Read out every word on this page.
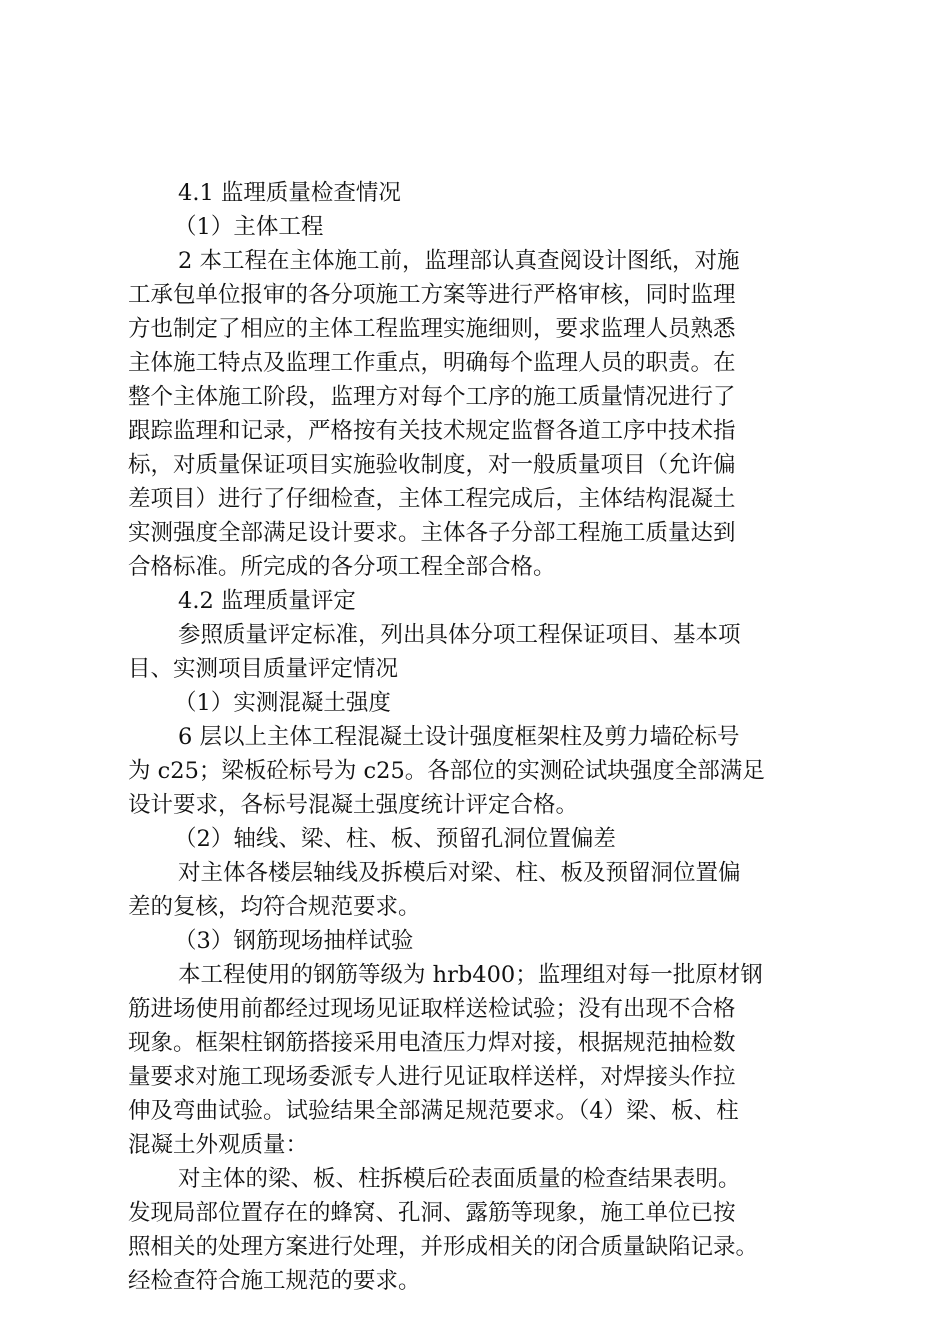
4.1 监理质量检查情况
（1）主体工程
2 本工程在主体施工前，监理部认真查阅设计图纸，对施
工承包单位报审的各分项施工方案等进行严格审核，同时监理
方也制定了相应的主体工程监理实施细则，要求监理人员熟悉
主体施工特点及监理工作重点，明确每个监理人员的职责。在
整个主体施工阶段，监理方对每个工序的施工质量情况进行了
跟踪监理和记录，严格按有关技术规定监督各道工序中技术指
标，对质量保证项目实施验收制度，对一般质量项目（允许偏
差项目）进行了仔细检查，主体工程完成后，主体结构混凝土
实测强度全部满足设计要求。主体各子分部工程施工质量达到
合格标准。所完成的各分项工程全部合格。
4.2 监理质量评定
参照质量评定标准，列出具体分项工程保证项目、基本项
目、实测项目质量评定情况
（1）实测混凝土强度
6 层以上主体工程混凝土设计强度框架柱及剪力墙砼标号
为 c25；梁板砼标号为 c25。各部位的实测砼试块强度全部满足
设计要求，各标号混凝土强度统计评定合格。
（2）轴线、梁、柱、板、预留孔洞位置偏差
对主体各楼层轴线及拆模后对梁、柱、板及预留洞位置偏
差的复核，均符合规范要求。
（3）钢筋现场抽样试验
本工程使用的钢筋等级为 hrb400；监理组对每一批原材钢
筋进场使用前都经过现场见证取样送检试验；没有出现不合格
现象。框架柱钢筋搭接采用电渣压力焊对接，根据规范抽检数
量要求对施工现场委派专人进行见证取样送样，对焊接头作拉
伸及弯曲试验。试验结果全部满足规范要求。（4）梁、板、柱
混凝土外观质量：
对主体的梁、板、柱拆模后砼表面质量的检查结果表明。
发现局部位置存在的蜂窝、孔洞、露筋等现象，施工单位已按
照相关的处理方案进行处理，并形成相关的闭合质量缺陷记录。
经检查符合施工规范的要求。
